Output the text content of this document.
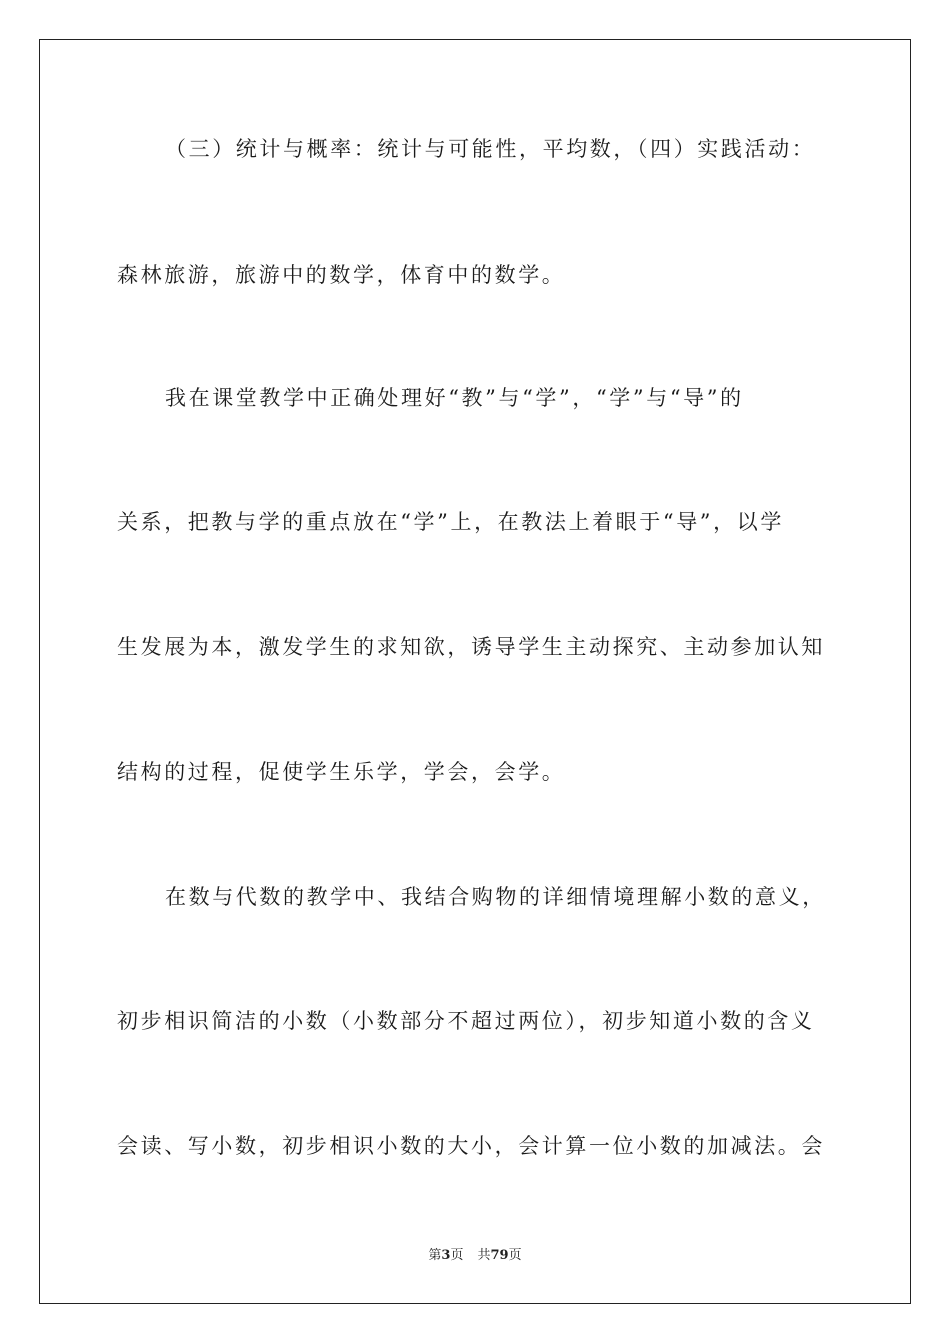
（三）统计与概率：统计与可能性，平均数，（四）实践活动：
森林旅游，旅游中的数学，体育中的数学。
我在课堂教学中正确处理好“教”与“学”，“学”与“导”的
关系，把教与学的重点放在“学”上，在教法上着眼于“导”，以学
生发展为本，激发学生的求知欲，诱导学生主动探究、主动参加认知
结构的过程，促使学生乐学，学会，会学。
在数与代数的教学中、我结合购物的详细情境理解小数的意义，
初步相识简洁的小数（小数部分不超过两位），初步知道小数的含义
会读、写小数，初步相识小数的大小，会计算一位小数的加减法。会
第3页 共79页
